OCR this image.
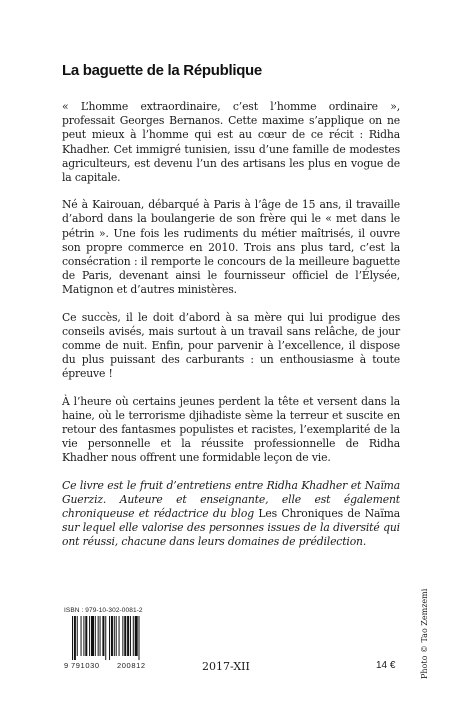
La baguette de la République

« L’homme extraordinaire, c’est l’homme ordinaire », professait Georges Bernanos. Cette maxime s’applique on ne peut mieux à l’homme qui est au cœur de ce récit : Ridha Khadher. Cet immigré tunisien, issu d’une famille de modestes agriculteurs, est devenu l’un des artisans les plus en vogue de la capitale.

Né à Kairouan, débarqué à Paris à l’âge de 15 ans, il travaille d’abord dans la boulangerie de son frère qui le « met dans le pétrin ». Une fois les rudiments du métier maîtrisés, il ouvre son propre commerce en 2010. Trois ans plus tard, c’est la consécration : il remporte le concours de la meilleure baguette de Paris, devenant ainsi le fournisseur officiel de l’Élysée, Matignon et d’autres ministères.

Ce succès, il le doit d’abord à sa mère qui lui prodigue des conseils avisés, mais surtout à un travail sans relâche, de jour comme de nuit. Enfin, pour parvenir à l’excellence, il dispose du plus puissant des carburants : un enthousiasme à toute épreuve !

À l’heure où certains jeunes perdent la tête et versent dans la haine, où le terrorisme djihadiste sème la terreur et suscite en retour des fantasmes populistes et racistes, l’exemplarité de la vie personnelle et la réussite professionnelle de Ridha Khadher nous offrent une formidable leçon de vie.

Ce livre est le fruit d’entretiens entre Ridha Khadher et Naïma Guerziz. Auteure et enseignante, elle est également chroniqueuse et rédactrice du blog Les Chroniques de Naïma sur lequel elle valorise des personnes issues de la diversité qui ont réussi, chacune dans leurs domaines de prédilection.

ISBN : 979-10-302-0081-2
9 791030	200812	2017-XII	14 €	Photo © Tao Zemzemi
